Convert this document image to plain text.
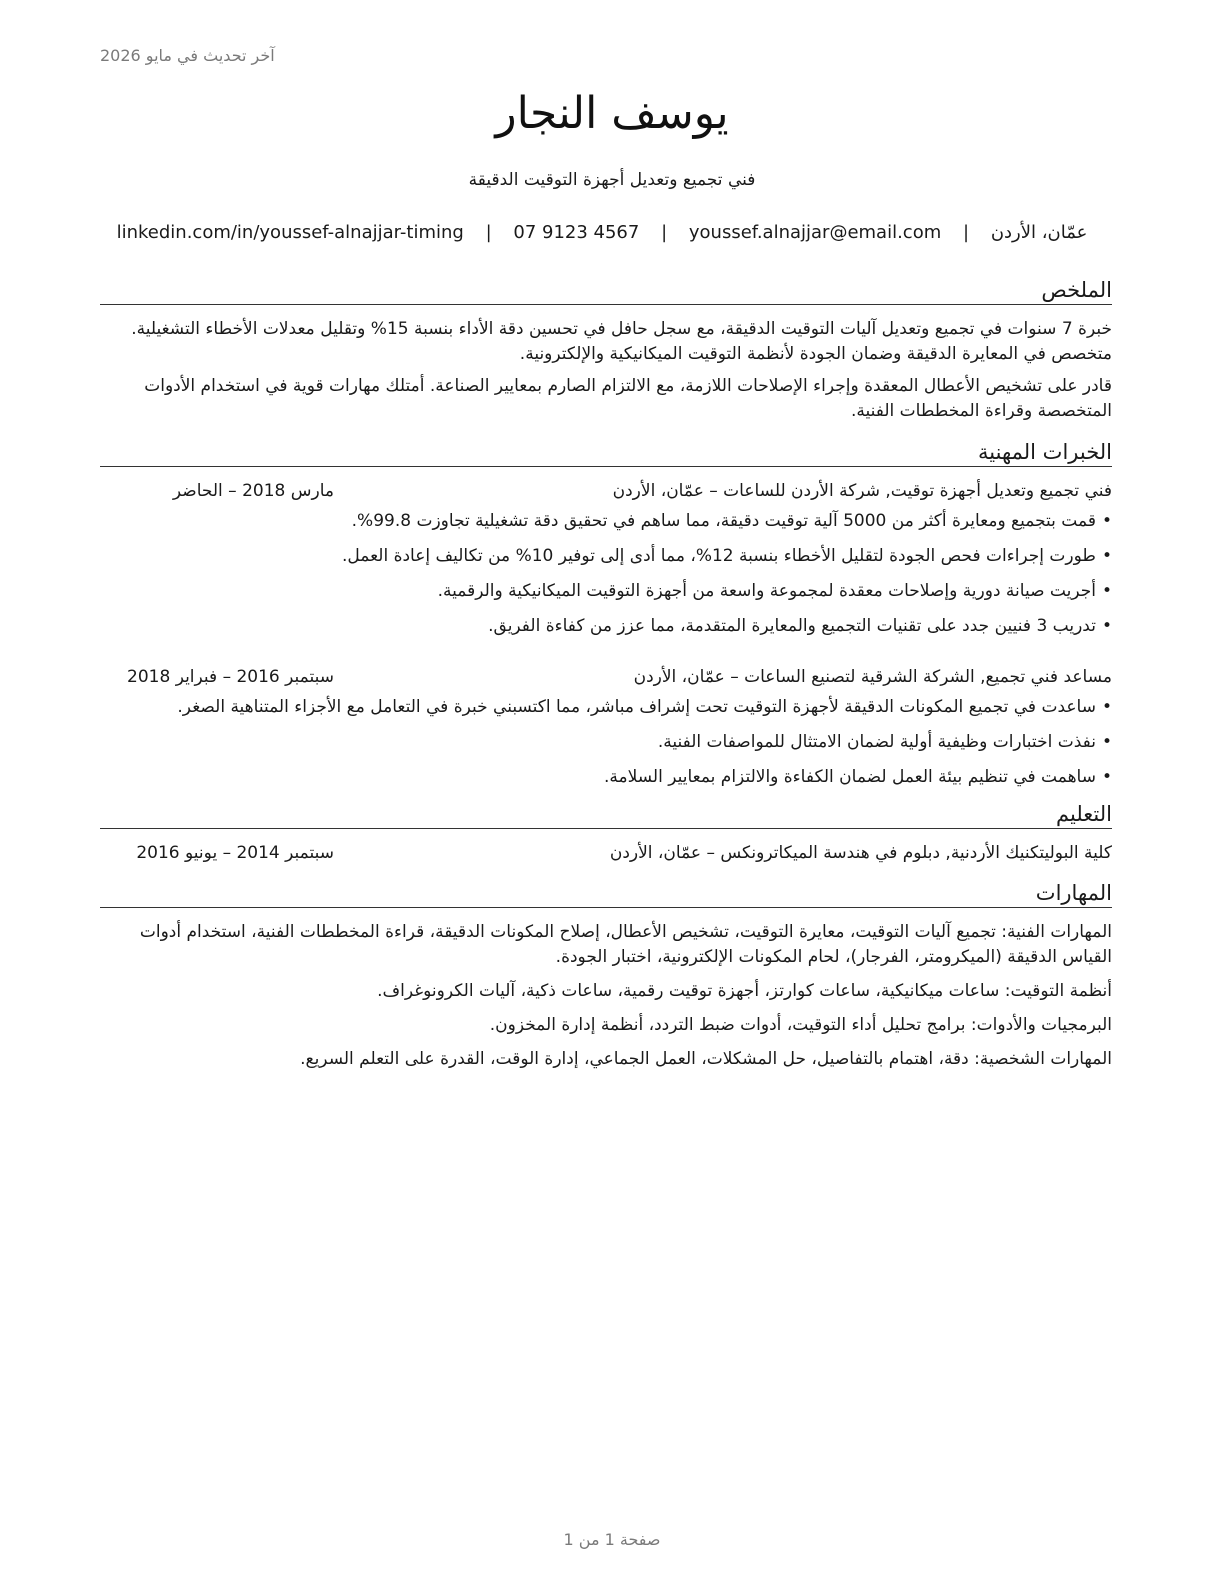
آخر تحديث في مايو 2026
يوسف النجار
فني تجميع وتعديل أجهزة التوقيت الدقيقة
عمّان، الأردن | youssef.alnajjar@email.com | 07 9123 4567 | linkedin.com/in/youssef-alnajjar-timing
الملخص
خبرة 7 سنوات في تجميع وتعديل آليات التوقيت الدقيقة، مع سجل حافل في تحسين دقة الأداء بنسبة 15% وتقليل معدلات الأخطاء التشغيلية. متخصص في المعايرة الدقيقة وضمان الجودة لأنظمة التوقيت الميكانيكية والإلكترونية.
قادر على تشخيص الأعطال المعقدة وإجراء الإصلاحات اللازمة، مع الالتزام الصارم بمعايير الصناعة. أمتلك مهارات قوية في استخدام الأدوات المتخصصة وقراءة المخططات الفنية.
الخبرات المهنية
فني تجميع وتعديل أجهزة توقيت, شركة الأردن للساعات – عمّان، الأردن
مارس 2018 – الحاضر
•قمت بتجميع ومعايرة أكثر من 5000 آلية توقيت دقيقة، مما ساهم في تحقيق دقة تشغيلية تجاوزت 99.8%.
•طورت إجراءات فحص الجودة لتقليل الأخطاء بنسبة 12%، مما أدى إلى توفير 10% من تكاليف إعادة العمل.
•أجريت صيانة دورية وإصلاحات معقدة لمجموعة واسعة من أجهزة التوقيت الميكانيكية والرقمية.
•تدريب 3 فنيين جدد على تقنيات التجميع والمعايرة المتقدمة، مما عزز من كفاءة الفريق.
مساعد فني تجميع, الشركة الشرقية لتصنيع الساعات – عمّان، الأردن
سبتمبر 2016 – فبراير 2018
•ساعدت في تجميع المكونات الدقيقة لأجهزة التوقيت تحت إشراف مباشر، مما اكتسبني خبرة في التعامل مع الأجزاء المتناهية الصغر.
•نفذت اختبارات وظيفية أولية لضمان الامتثال للمواصفات الفنية.
•ساهمت في تنظيم بيئة العمل لضمان الكفاءة والالتزام بمعايير السلامة.
التعليم
كلية البوليتكنيك الأردنية, دبلوم في هندسة الميكاترونكس – عمّان، الأردن
سبتمبر 2014 – يونيو 2016
المهارات
المهارات الفنية: تجميع آليات التوقيت، معايرة التوقيت، تشخيص الأعطال، إصلاح المكونات الدقيقة، قراءة المخططات الفنية، استخدام أدوات القياس الدقيقة (الميكرومتر، الفرجار)، لحام المكونات الإلكترونية، اختبار الجودة.
أنظمة التوقيت: ساعات ميكانيكية، ساعات كوارتز، أجهزة توقيت رقمية، ساعات ذكية، آليات الكرونوغراف.
البرمجيات والأدوات: برامج تحليل أداء التوقيت، أدوات ضبط التردد، أنظمة إدارة المخزون.
المهارات الشخصية: دقة، اهتمام بالتفاصيل، حل المشكلات، العمل الجماعي، إدارة الوقت، القدرة على التعلم السريع.
صفحة 1 من 1
